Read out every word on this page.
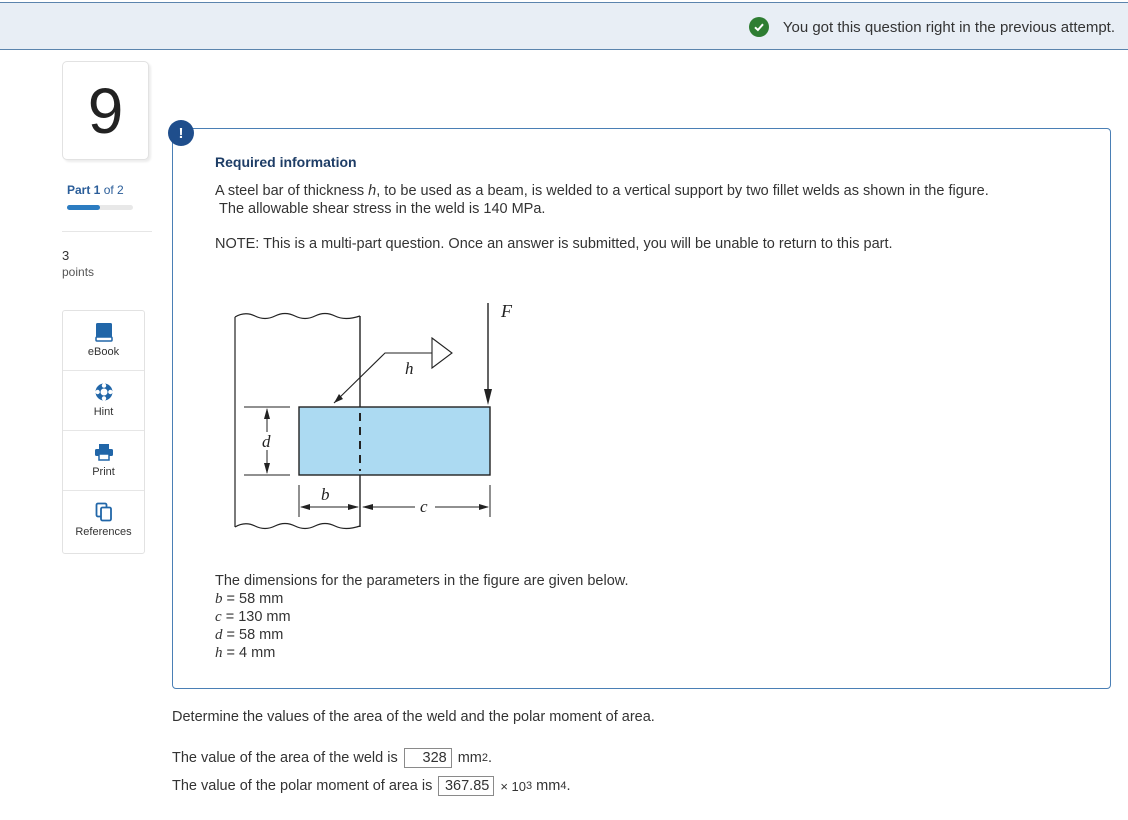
You got this question right in the previous attempt.
9
Part 1 of 2
3
points
eBook
Hint
Print
References
!
Required information
A steel bar of thickness h, to be used as a beam, is welded to a vertical support by two fillet welds as shown in the figure.
The allowable shear stress in the weld is 140 MPa.
NOTE: This is a multi-part question. Once an answer is submitted, you will be unable to return to this part.
h
F
d
b
c
The dimensions for the parameters in the figure are given below.
b = 58 mm
c = 130 mm
d = 58 mm
h = 4 mm
Determine the values of the area of the weld and the polar moment of area.
The value of the area of the weld is	328 mm 2 .
The value of the polar moment of area is 367.85 × 10 3
mm 4 .
